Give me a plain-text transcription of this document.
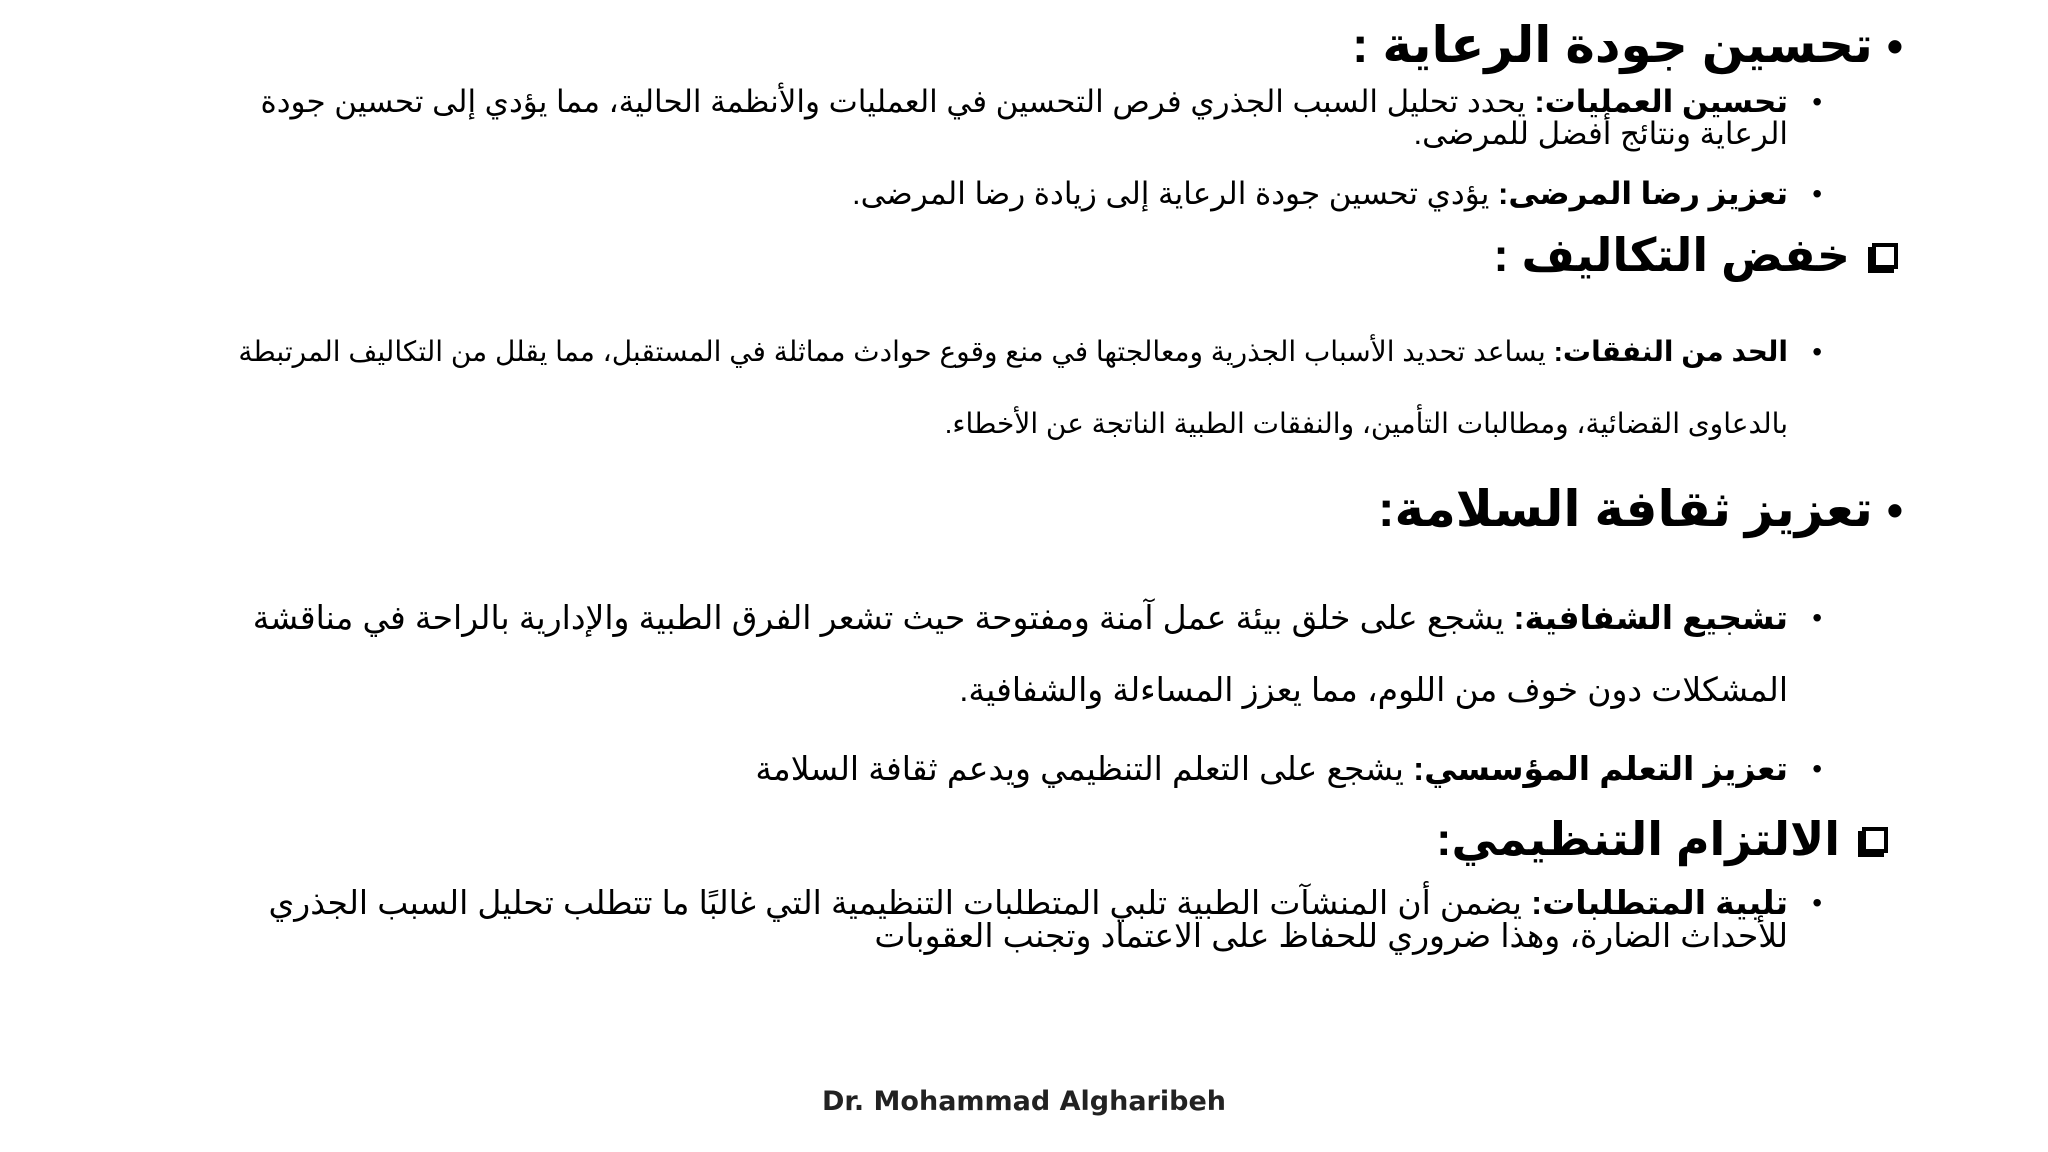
•تحسين جودة الرعاية :
•
تحسين العمليات: يحدد تحليل السبب الجذري فرص التحسين في العمليات والأنظمة الحالية، مما يؤدي إلى تحسين جودة الرعاية ونتائج أفضل للمرضى.
•
تعزيز رضا المرضى: يؤدي تحسين جودة الرعاية إلى زيادة رضا المرضى.
خفض التكاليف :
•
الحد من النفقات: يساعد تحديد الأسباب الجذرية ومعالجتها في منع وقوع حوادث مماثلة في المستقبل، مما يقلل من التكاليف المرتبطة بالدعاوى القضائية، ومطالبات التأمين، والنفقات الطبية الناتجة عن الأخطاء.
•تعزيز ثقافة السلامة:
•
تشجيع الشفافية: يشجع على خلق بيئة عمل آمنة ومفتوحة حيث تشعر الفرق الطبية والإدارية بالراحة في مناقشة المشكلات دون خوف من اللوم، مما يعزز المساءلة والشفافية.
•
تعزيز التعلم المؤسسي: يشجع على التعلم التنظيمي ويدعم ثقافة السلامة
الالتزام التنظيمي:
•
تلبية المتطلبات: يضمن أن المنشآت الطبية تلبي المتطلبات التنظيمية التي غالبًا ما تتطلب تحليل السبب الجذري للأحداث الضارة، وهذا ضروري للحفاظ على الاعتماد وتجنب العقوبات
Dr. Mohammad Algharibeh
